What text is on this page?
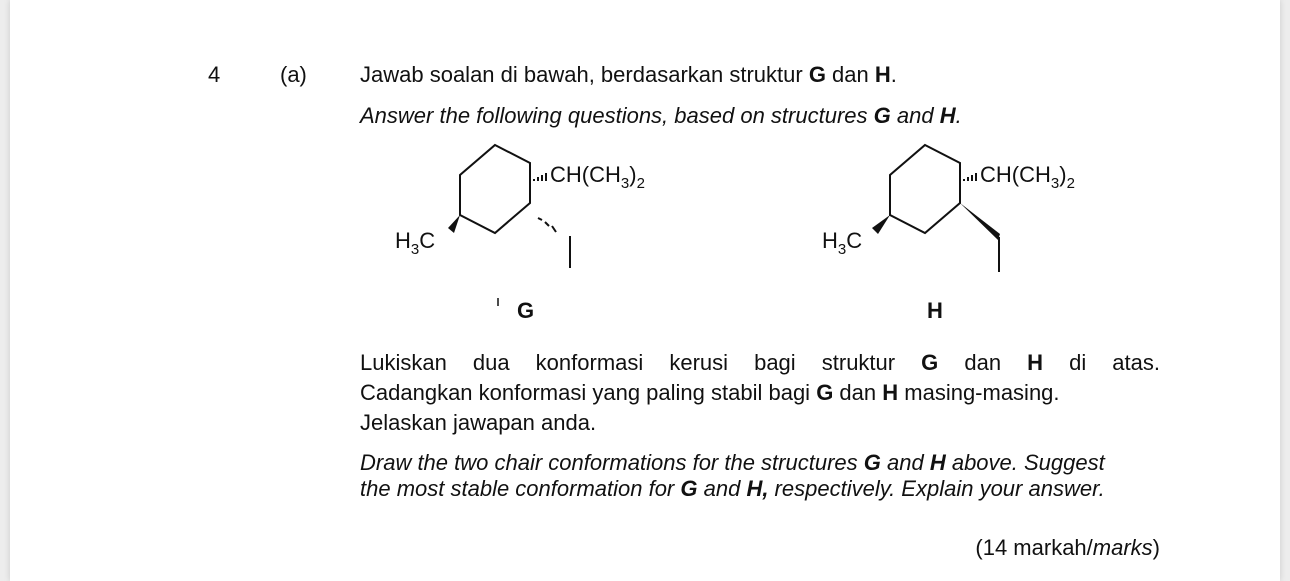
4	(a) Jawab soalan di bawah, berdasarkan struktur G dan H.
Answer the following questions, based on structures G and H.
$CH(CH_3)_2$
$H_3C$
G
$CH(CH_3)_2$
$H_3C$
H
Lukiskan dua konformasi kerusi bagi struktur G dan H di atas.
Cadangkan konformasi yang paling stabil bagi G dan H masing-masing.
Jelaskan jawapan anda.
Draw the two chair conformations for the structures G and H above. Suggest
the most stable conformation for G and H, respectively. Explain your answer.
(14 markah/marks)
